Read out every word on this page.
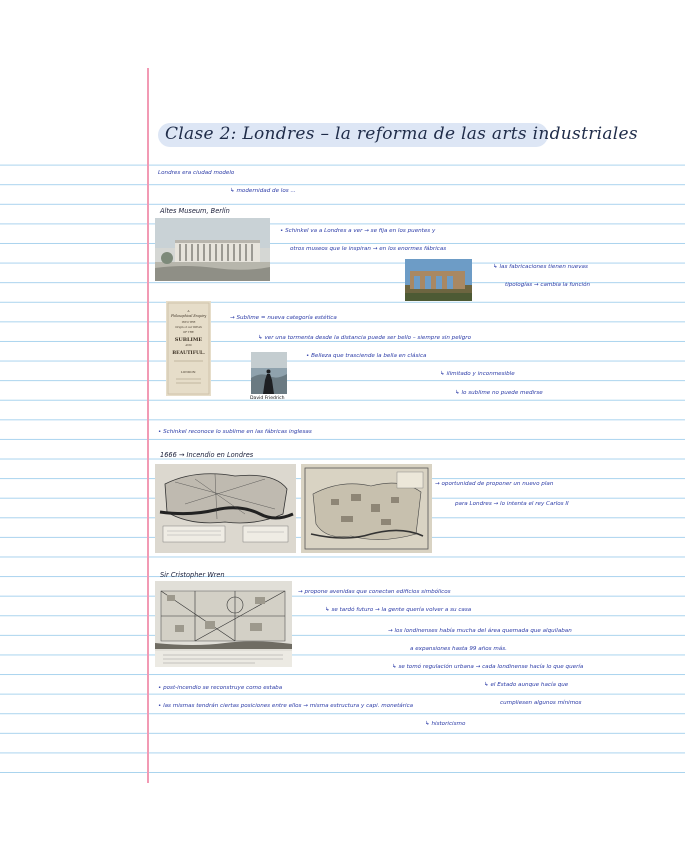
Clase 2: Londres – la reforma de las arts industriales
Londres era ciudad modelo
↳ modernidad de los ...
Altes Museum, Berlín
• Schinkel va a Londres a ver → se fija en los puentes y
otros museos que le inspiran → en los enormes fábricas
↳ las fabricaciones tienen nuevas
tipologías → cambia la función
A
Philosophical Enquiry
INTO THE
Origin of our IDEAS
OF THE
SUBLIME
AND
BEAUTIFUL.
LONDON:
→ Sublime = nueva categoría estética
↳ ver una tormenta desde la distancia puede ser bello – siempre sin peligro
David Friedrich
• Belleza que trasciende la bella en clásica
↳ ilimitado y inconmesible
↳ lo sublime no puede medirse
• Schinkel reconoce lo sublime en las fábricas inglesas
1666 → Incendio en Londres
→ oportunidad de proponer un nuevo plan
para Londres → lo intenta el rey Carlos II
Sir Cristopher Wren
→ propone avenidas que conectan edificios simbólicos
↳ se tardó futuro → la gente quería volver a su casa
→ los londinenses había mucha del área quemada que alquilaban
a expansiones hasta 99 años más.
↳ se tomó regulación urbana → cada londinense hacía lo que quería
↳ el Estado aunque hacía que
cumpliesen algunos mínimos
• post-incendio se reconstruye como estaba
• las mismas tendrán ciertas posiciones entre ellos → misma estructura y capi. monetárica
↳ historicismo
